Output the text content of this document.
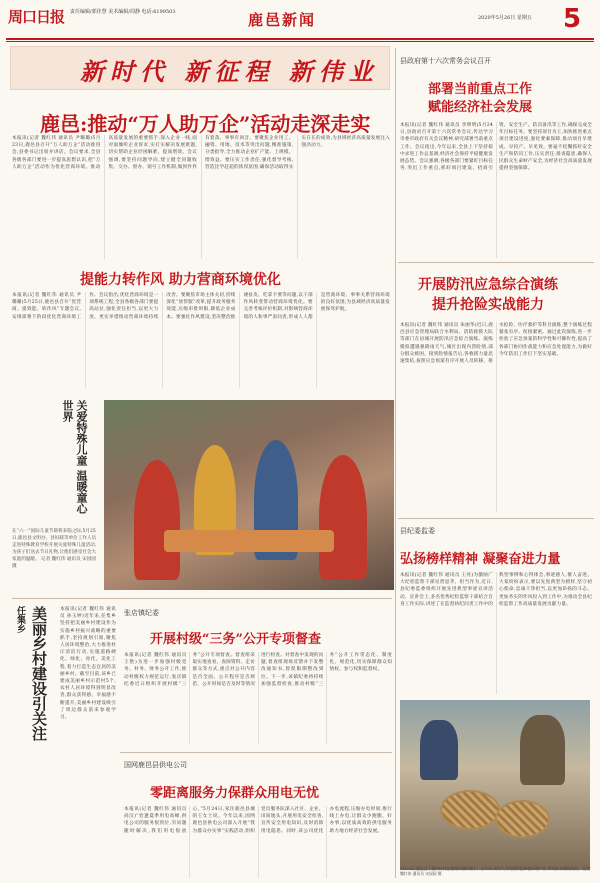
周口日报 责任编辑/郭佳慧 美术编辑/周静 电话:6199503	鹿邑新闻	2020年5月26日 星期五 5
新时代 新征程 新伟业
鹿邑:推动“万人助万企”活动走深走实
本报讯(记者 魏红伟 通讯员 尹璐璐)5月23日,鹿邑县召开“万人助万企”活动推进会,县委书记出席并讲话。会议要求,全县各级各部门要进一步提高思想认识,把“万人助万企”活动作为优化营商环境、推动高质量发展的重要抓手,深入企业一线,面对面倾听企业诉求,实打实解决发展难题,切实帮助企业纾困解难、提质增效。会议强调,要坚持问题导向,建立健全问题收集、交办、督办、销号工作机制,做到件件有着落、事事有回音。要聚焦企业用工、融资、用地、技术等突出问题,精准施策,分类指导,全力推动企业扩产能、上规模、增效益。要压实工作责任,强化督导考核,营造比学赶超的浓厚氛围,确保活动取得实实在在的成效,为县域经济高质量发展注入强劲动力。
提能力转作风 助力营商环境优化
本报讯(记者 魏红伟 通讯员 尹璐璐)5月25日,鹿邑县召开“优营商、提效能、转作风”专题会议,安排部署下阶段优化营商环境工作。会议指出,优化营商环境是一项系统工程,全县各级各部门要提高站位,强化责任担当,以更大力度、更实举措推动营商环境持续改善。要聚焦市场主体关切,持续深化“放管服”改革,提升政务服务效能,压缩审批时限,降低企业成本。要强化作风建设,坚决整治推诿扯皮、吃拿卡要等问题,以干部作风转变带动营商环境优化。要完善考核评价机制,对影响营商环境的人和事严肃问责,形成人人都是营商环境、事事关系营商环境的良好氛围,为县域经济高质量发展保驾护航。
关爱特殊儿童 温暖童心世界
在“六一”国际儿童节即将来临之际,5月25日,鹿邑县文明办、县妇联等单位工作人员走进特殊教育学校开展关爱特殊儿童活动,为孩子们送去节日礼物,让他们感受社会大家庭的温暖。 记者 魏红伟 通讯员 宋园园 摄
任集乡 美丽乡村建设引关注	本报讯(记者 魏红伟 通讯员 孙玉婷)近年来,任集乡坚持把美丽乡村建设作为实施乡村振兴战略的重要抓手,坚持规划引领,聚焦人居环境整治,大力推进村庄清洁行动,实施道路硬化、绿化、亮化、美化工程,着力打造生态宜居的美丽乡村。截至目前,该乡已建成美丽乡村示范村5个,农村人居环境得到明显改善,群众获得感、幸福感不断提升,美丽乡村建设吸引了周边群众前来参观学习。
张店镇纪委
开展村级“三务”公开专项督查
本报讯(记者 魏红伟 通讯员 王艳)为进一步加强村级党务、村务、财务公开工作,推动村级权力规范运行,张店镇纪委近日组织开展村级“三务”公开专项督查。督查组采取实地查看、查阅资料、走访群众等方式,重点对公开内容是否全面、公开程序是否规范、公开时间是否及时等情况进行检查。对督查中发现的问题,督查组现场反馈并下发整改通知书,督促限期整改到位。下一步,该镇纪委将持续加强监督检查,推动村级“三务”公开工作常态化、制度化、规范化,切实保障群众知情权、参与权和监督权。
国网鹿邑县供电公司
零距离服务力保群众用电无忧
本报讯(记者 魏红伟 通讯员 尚汉)“恰逢夏季用电高峰,供电公司的服务很到位,有问题随时解决,我们用电很放心。”5月24日,家住鹿邑县城的王女士说。今年以来,国网鹿邑县供电公司深入开展“我为群众办实事”实践活动,组织党员服务队深入社区、企业、田间地头,开展用电安全检查,宣传安全用电知识,及时消除用电隐患。同时,该公司优化办电流程,压缩办电时间,推行线上办电,让群众少跑腿、好办事,以优质高效的供电服务助力地方经济社会发展。
县政府第十六次常务会议召开
部署当前重点工作
赋能经济社会发展
本报讯(记者 魏红伟 通讯员 李明明)5月24日,县政府召开第十六次常务会议,传达学习市委市政府有关会议精神,研究部署当前重点工作。会议指出,今年以来,全县上下坚持稳中求进工作总基调,经济社会保持平稳健康发展态势。会议强调,各级各部门要紧盯目标任务,突出工作重点,抓好项目建设、招商引资、安全生产、防汛备汛等工作,确保完成全年目标任务。要坚持项目为王,加快推进重点项目建设进度,强化要素保障,推动项目早建成、早投产、早见效。要毫不松懈抓好安全生产和防汛工作,压实责任,排查隐患,确保人民群众生命财产安全,为经济社会高质量发展提供坚强保障。
开展防汛应急综合演练
提升抢险实战能力
本报讯(记者 魏红伟 通讯员 朱丽华)近日,鹿邑县应急管理局联合水利局、消防救援大队等部门在县城开展防汛应急综合演练。演练模拟遭遇强降雨天气,城区出现内涝险情,部分群众被困。接到险情报告后,各救援力量迅速集结,按照应急预案有序开展人员转移、排水抢险、医疗救护等科目演练,整个演练过程紧张有序、衔接紧密。通过此次演练,进一步检验了应急预案的科学性和可操作性,提高了各部门协同作战能力和应急处置能力,为做好今年防汛工作打下坚实基础。
县纪委监委
弘扬榜样精神 凝聚奋进力量
本报讯(记者 魏红伟 通讯员 王亮)为激励广大纪检监察干部见贤思齐、担当作为,近日,县纪委监委组织开展先进典型事迹宣讲活动。宣讲会上,多名优秀纪检监察干部结合自身工作实际,讲述了在监督执纪问责工作中的典型事例和心得体会,事迹感人,催人奋进。大家纷纷表示,要以先进典型为榜样,坚守初心使命,忠诚干净担当,以更加昂扬的斗志、更加务实的作风投入到工作中,为推动全县纪检监察工作高质量发展贡献力量。
5月26日,鹿邑县丁楼村村民在整理采摘的蝗子。近年来,该村大力发展特色种植养殖产业,带动群众增收致富。 记者 魏红伟 通讯员 宋园园 摄
